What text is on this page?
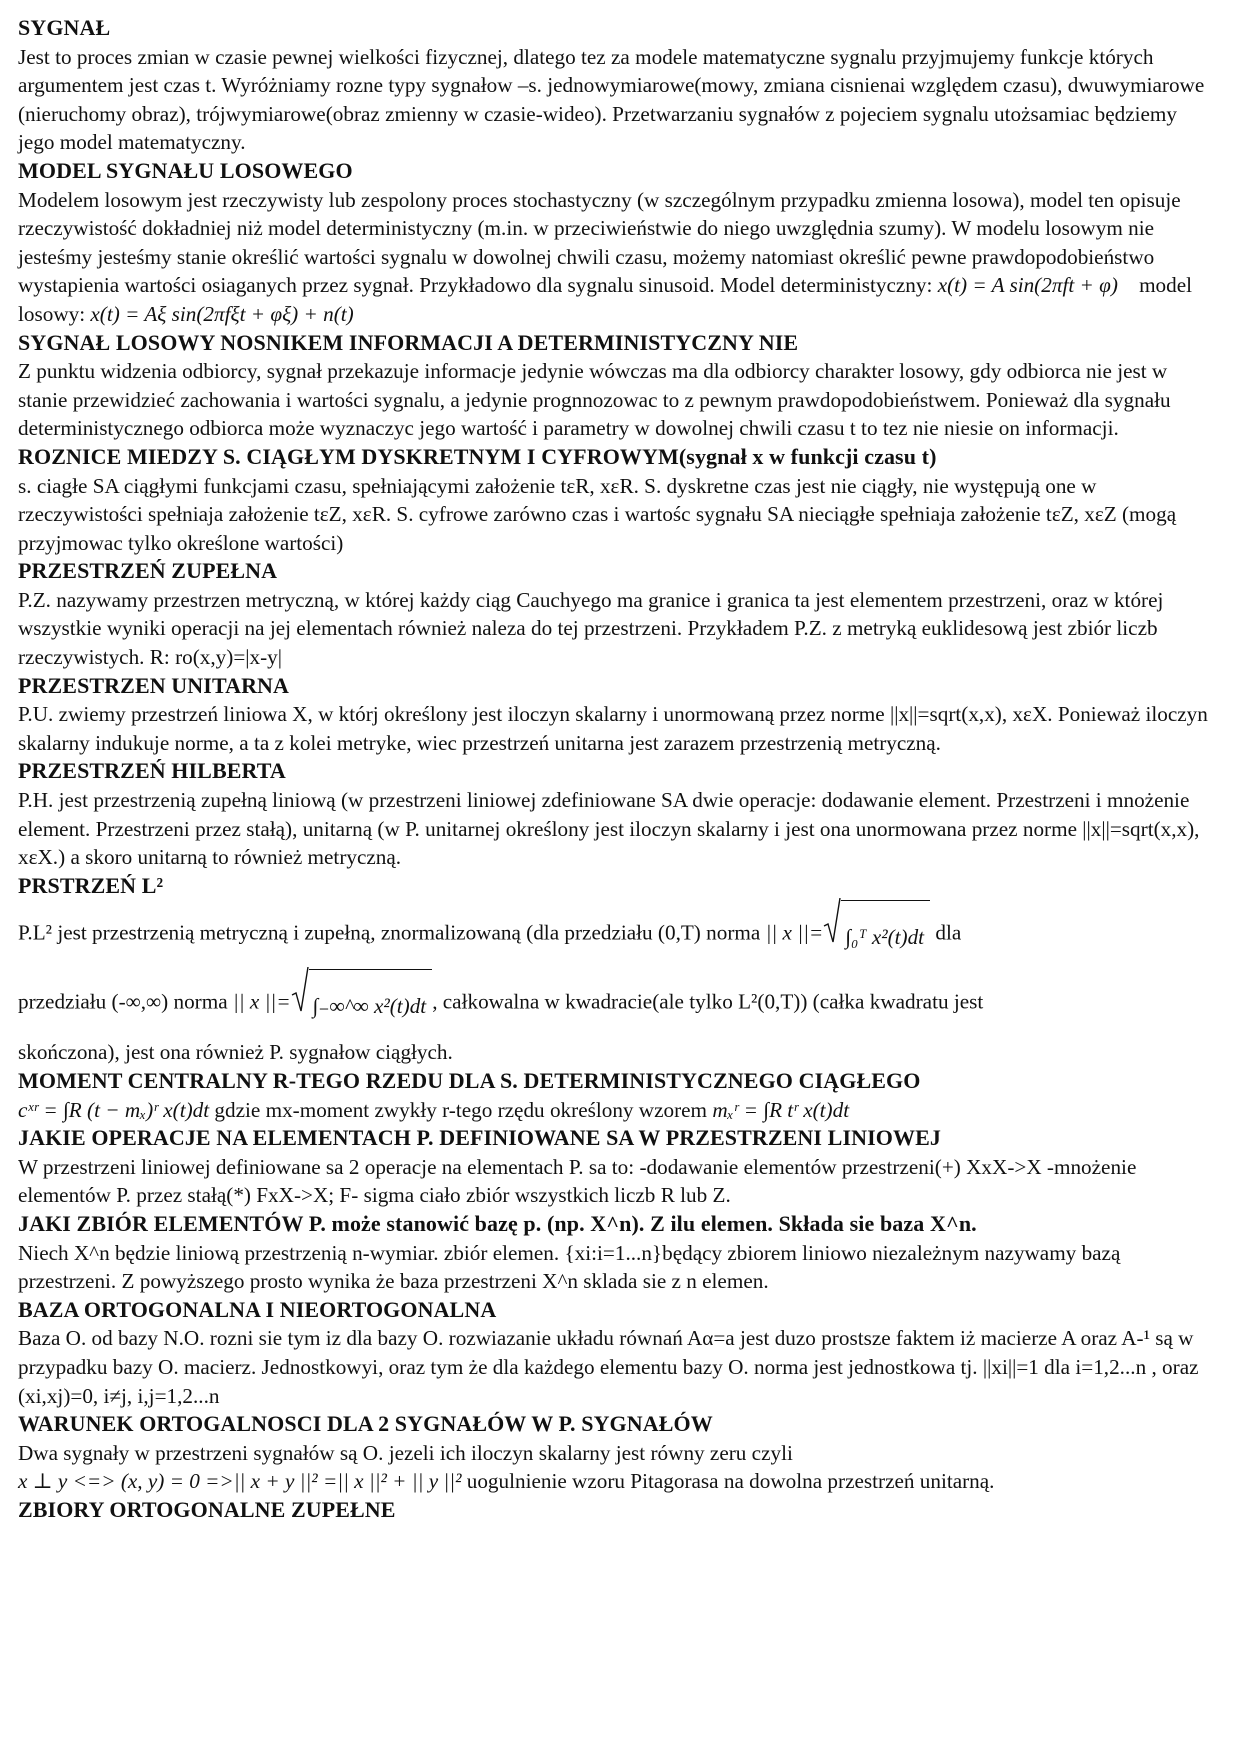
SYGNAŁ

Jest to proces zmian w czasie pewnej wielkości fizycznej, dlatego tez za modele matematyczne sygnalu przyjmujemy funkcje których argumentem jest czas t. Wyróżniamy rozne typy sygnałow –s. jednowymiarowe(mowy, zmiana cisnienai względem czasu), dwuwymiarowe (nieruchomy obraz), trójwymiarowe(obraz zmienny w czasie-wideo). Przetwarzaniu sygnałów z pojeciem sygnalu utożsamiac będziemy jego model matematyczny.

MODEL SYGNAŁU LOSOWEGO

Modelem losowym jest rzeczywisty lub zespolony proces stochastyczny (w szczególnym przypadku zmienna losowa), model ten opisuje rzeczywistość dokładniej niż model deterministyczny (m.in. w przeciwieństwie do niego uwzględnia szumy). W modelu losowym nie jesteśmy jesteśmy stanie określić wartości sygnalu w dowolnej chwili czasu, możemy natomiast określić pewne prawdopodobieństwo wystapienia wartości osiaganych przez sygnał. Przykładowo dla sygnalu sinusoid. Model deterministyczny: x(t) = A sin(2πft + φ) model losowy: x(t) = Aξ sin(2πfξt + φξ) + n(t)

SYGNAŁ LOSOWY NOSNIKEM INFORMACJI A DETERMINISTYCZNY NIE

Z punktu widzenia odbiorcy, sygnał przekazuje informacje jedynie wówczas ma dla odbiorcy charakter losowy, gdy odbiorca nie jest w stanie przewidzieć zachowania i wartości sygnalu, a jedynie prognnozowac to z pewnym prawdopodobieństwem. Ponieważ dla sygnału deterministycznego odbiorca może wyznaczyc jego wartość i parametry w dowolnej chwili czasu t to tez nie niesie on informacji.

ROZNICE MIEDZY S. CIĄGŁYM DYSKRETNYM I CYFROWYM(sygnał x w funkcji czasu t)

s. ciagłe SA ciągłymi funkcjami czasu, spełniającymi założenie tεR, xεR. S. dyskretne czas jest nie ciągły, nie występują one w rzeczywistości spełniaja założenie tεZ, xεR. S. cyfrowe zarówno czas i wartośc sygnału SA nieciągłe spełniaja założenie tεZ, xεZ (mogą przyjmowac tylko określone wartości)

PRZESTRZEŃ ZUPEŁNA

P.Z. nazywamy przestrzen metryczną, w której każdy ciąg Cauchyego ma granice i granica ta jest elementem przestrzeni, oraz w której wszystkie wyniki operacji na jej elementach również naleza do tej przestrzeni. Przykładem P.Z. z metryką euklidesową jest zbiór liczb rzeczywistych. R: ro(x,y)=|x-y|

PRZESTRZEN UNITARNA

P.U. zwiemy przestrzeń liniowa X, w którj określony jest iloczyn skalarny i unormowaną przez norme ||x||=sqrt(x,x), xεX. Ponieważ iloczyn skalarny indukuje norme, a ta z kolei metryke, wiec przestrzeń unitarna jest zarazem przestrzenią metryczną.

PRZESTRZEŃ HILBERTA

P.H. jest przestrzenią zupełną liniową (w przestrzeni liniowej zdefiniowane SA dwie operacje: dodawanie element. Przestrzeni i mnożenie element. Przestrzeni przez stałą), unitarną (w P. unitarnej określony jest iloczyn skalarny i jest ona unormowana przez norme ||x||=sqrt(x,x), xεX.) a skoro unitarną to również metryczną.

PRSTRZEŃ L²

P.L² jest przestrzenią metryczną i zupełną, znormalizowaną (dla przedziału (0,T) norma || x ||= ∫₀ᵀ x²(t)dt dla

przedziału (-∞,∞) norma || x ||= ∫₋∞^∞ x²(t)dt , całkowalna w kwadracie(ale tylko L²(0,T)) (całka kwadratu jest

skończona), jest ona również P. sygnałow ciągłych.

MOMENT CENTRALNY R-TEGO RZEDU DLA S. DETERMINISTYCZNEGO CIĄGŁEGO

cˣʳ = ∫R (t − mₓ)ʳ x(t)dt gdzie mx-moment zwykły r-tego rzędu określony wzorem mₓʳ = ∫R tʳ x(t)dt

JAKIE OPERACJE NA ELEMENTACH P. DEFINIOWANE SA W PRZESTRZENI LINIOWEJ

W przestrzeni liniowej definiowane sa 2 operacje na elementach P. sa to: -dodawanie elementów przestrzeni(+) XxX->X -mnożenie elementów P. przez stałą(*) FxX->X; F- sigma ciało zbiór wszystkich liczb R lub Z.

JAKI ZBIÓR ELEMENTÓW P. może stanowić bazę p. (np. X^n). Z ilu elemen. Składa sie baza X^n.

Niech X^n będzie liniową przestrzenią n-wymiar. zbiór elemen. {xi:i=1...n}będący zbiorem liniowo niezależnym nazywamy bazą przestrzeni. Z powyższego prosto wynika że baza przestrzeni X^n sklada sie z n elemen.

BAZA ORTOGONALNA I NIEORTOGONALNA

Baza O. od bazy N.O. rozni sie tym iz dla bazy O. rozwiazanie układu równań Aα=a jest duzo prostsze faktem iż macierze A oraz A-¹ są w przypadku bazy O. macierz. Jednostkowyi, oraz tym że dla każdego elementu bazy O. norma jest jednostkowa tj. ||xi||=1 dla i=1,2...n , oraz (xi,xj)=0, i≠j, i,j=1,2...n

WARUNEK ORTOGALNOSCI DLA 2 SYGNAŁÓW W P. SYGNAŁÓW

Dwa sygnały w przestrzeni sygnałów są O. jezeli ich iloczyn skalarny jest równy zeru czyli

x ⊥ y <=> (x, y) = 0 =>|| x + y ||² =|| x ||² + || y ||² uogulnienie wzoru Pitagorasa na dowolna przestrzeń unitarną.

ZBIORY ORTOGONALNE ZUPEŁNE
